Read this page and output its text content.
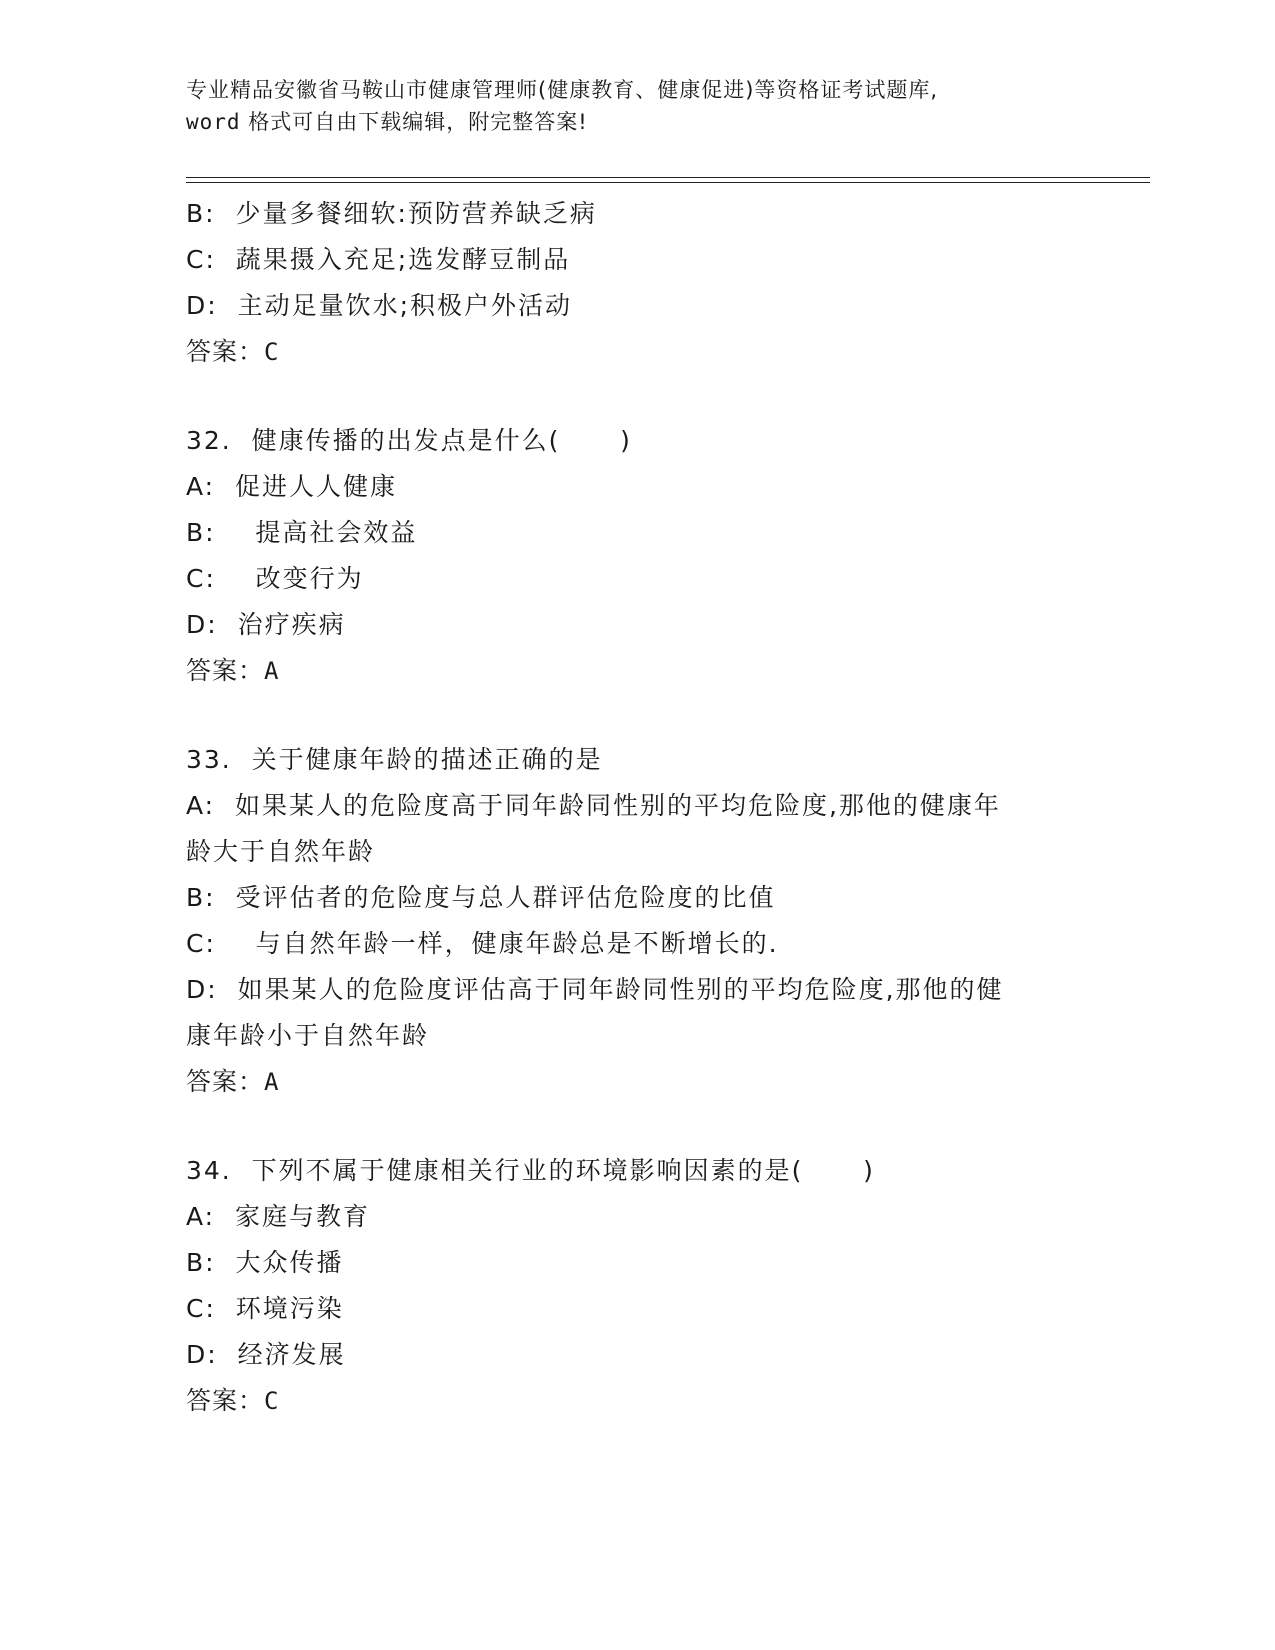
专业精品安徽省马鞍山市健康管理师(健康教育、健康促进)等资格证考试题库,
word 格式可自由下载编辑，附完整答案!
B:  少量多餐细软:预防营养缺乏病
C:  蔬果摄入充足;选发酵豆制品
D:  主动足量饮水;积极户外活动
答案：C
32.  健康传播的出发点是什么(      )
A:  促进人人健康
B:    提高社会效益
C:    改变行为
D:  治疗疾病
答案：A
33.  关于健康年龄的描述正确的是
A:  如果某人的危险度高于同年龄同性别的平均危险度,那他的健康年
龄大于自然年龄
B:  受评估者的危险度与总人群评估危险度的比值
C:    与自然年龄一样，健康年龄总是不断增长的.
D:  如果某人的危险度评估高于同年龄同性别的平均危险度,那他的健
康年龄小于自然年龄
答案：A
34.  下列不属于健康相关行业的环境影响因素的是(      )
A:  家庭与教育
B:  大众传播
C:  环境污染
D:  经济发展
答案：C
